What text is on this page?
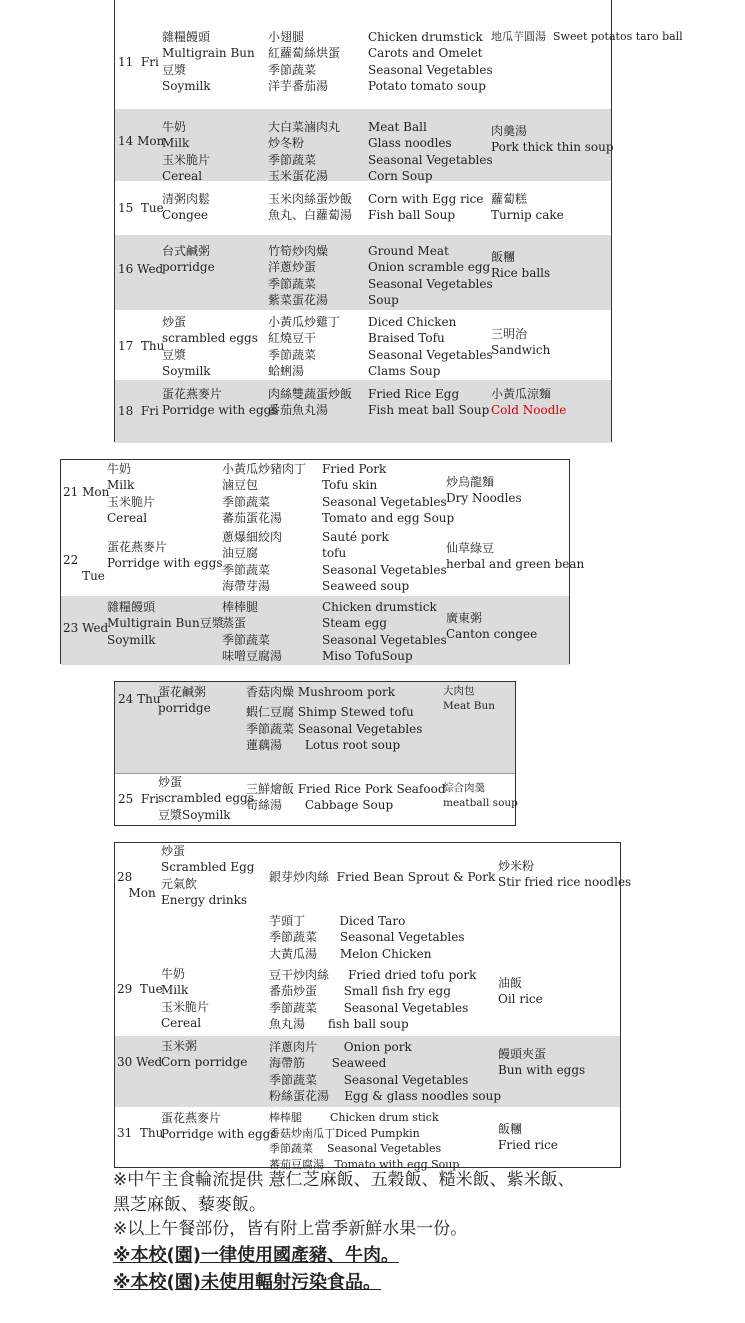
11  Fri
雜糧饅頭
Multigrain Bun
豆漿
Soymilk
小翅腿
紅蘿蔔絲烘蛋
季節蔬菜
洋芋番茄湯
Chicken drumstick
Carots and Omelet
Seasonal Vegetables
Potato tomato soup
地瓜芋圓湯  Sweet potatos taro ball
14 Mon
牛奶
Milk
玉米脆片
Cereal
大白菜滷肉丸
炒冬粉
季節蔬菜
玉米蛋花湯
Meat Ball
Glass noodles
Seasonal Vegetables
Corn Soup
肉羹湯
Pork thick thin soup
15  Tue
清粥肉鬆
Congee
玉米肉絲蛋炒飯
魚丸、白蘿蔔湯
Corn with Egg rice
Fish ball Soup
蘿蔔糕
Turnip cake
16 Wed
台式鹹粥
porridge
竹筍炒肉燥
洋蔥炒蛋
季節蔬菜
紫菜蛋花湯
Ground Meat
Onion scramble egg
Seasonal Vegetables
Soup
飯糰
Rice balls
17  Thu
炒蛋
scrambled eggs
豆漿
Soymilk
小黃瓜炒雞丁
紅燒豆干
季節蔬菜
蛤蜊湯
Diced Chicken
Braised Tofu
Seasonal Vegetables
Clams Soup
三明治
Sandwich
18  Fri
蛋花燕麥片
Porridge with eggs
肉絲雙蔬蛋炒飯
番茄魚丸湯
Fried Rice Egg
Fish meat ball Soup
小黃瓜涼麵
Cold Noodle
21 Mon
牛奶
Milk
玉米脆片
Cereal
小黃瓜炒豬肉丁
滷豆包
季節蔬菜
蕃茄蛋花湯
Fried Pork
Tofu skin
Seasonal Vegetables
Tomato and egg Soup
炒烏龍麵
Dry Noodles
22
Tue
蛋花燕麥片
Porridge with eggs
蔥爆細絞肉
油豆腐
季節蔬菜
海帶芽湯
Sauté pork
tofu
Seasonal Vegetables
Seaweed soup
仙草綠豆
herbal and green bean
23 Wed
雜糧饅頭
Multigrain Bun豆漿
Soymilk
棒棒腿
蒸蛋
季節蔬菜
味噌豆腐湯
Chicken drumstick
Steam egg
Seasonal Vegetables
Miso TofuSoup
廣東粥
Canton congee
24 Thu
蛋花鹹粥
porridge
香菇肉燥 Mushroom pork
蝦仁豆腐 Shimp Stewed tofu
季節蔬菜 Seasonal Vegetables
蓮藕湯      Lotus root soup
大肉包
Meat Bun
25  Fri
炒蛋
scrambled eggs
豆漿Soymilk
三鮮燴飯 Fried Rice Pork Seafood
筍絲湯      Cabbage Soup
綜合肉羹
meatball soup
28
Mon
炒蛋
Scrambled Egg
元氣飲
Energy drinks
銀芽炒肉絲  Fried Bean Sprout & Pork
炒米粉
Stir fried rice noodles
芋頭丁         Diced Taro
季節蔬菜      Seasonal Vegetables
大黃瓜湯      Melon Chicken
29  Tue
牛奶
Milk
玉米脆片
Cereal
豆干炒肉絲     Fried dried tofu pork
番茄炒蛋       Small fish fry egg
季節蔬菜       Seasonal Vegetables
魚丸湯      fish ball soup
油飯
Oil rice
30 Wed
玉米粥
Corn porridge
洋蔥肉片       Onion pork
海帶筋       Seaweed
季節蔬菜       Seasonal Vegetables
粉絲蛋花湯    Egg & glass noodles soup
饅頭夾蛋
Bun with eggs
31  Thu
蛋花燕麥片
Porridge with eggs
棒棒腿        Chicken drum stick
香菇炒南瓜丁Diced Pumpkin
季節蔬菜    Seasonal Vegetables
蕃茄豆腐湯   Tomato with egg Soup
飯糰
Fried rice
※中午主食輪流提供 薏仁芝麻飯、五穀飯、糙米飯、紫米飯、
黑芝麻飯、藜麥飯。
※以上午餐部份，皆有附上當季新鮮水果一份。
※本校(園)一律使用國產豬、牛肉。
※本校(園)未使用輻射污染食品。
